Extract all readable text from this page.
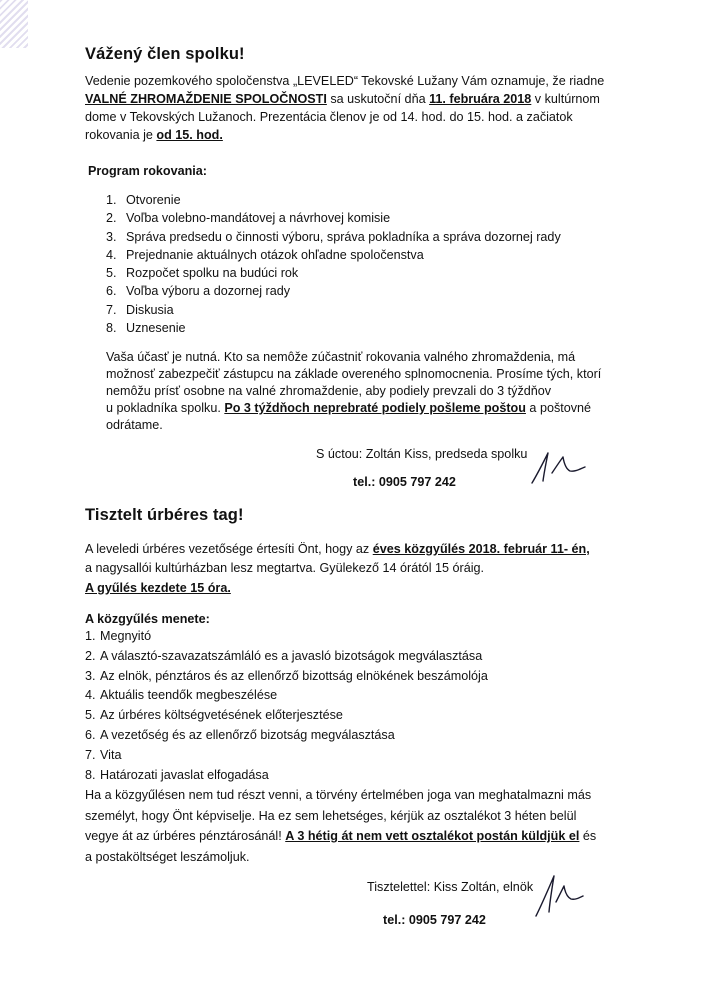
Vážený člen spolku!
Vedenie pozemkového spoločenstva „LEVELED“ Tekovské Lužany Vám oznamuje, že riadne
VALNÉ ZHROMAŽDENIE SPOLOČNOSTI sa uskutoční dňa 11. februára 2018 v kultúrnom
dome v Tekovských Lužanoch. Prezentácia členov je od 14. hod. do 15. hod. a začiatok
rokovania je od 15. hod.
Program rokovania:
1. Otvorenie
2. Voľba volebno-mandátovej a návrhovej komisie
3. Správa predsedu o činnosti výboru, správa pokladníka a správa dozornej rady
4. Prejednanie aktuálnych otázok ohľadne spoločenstva
5. Rozpočet spolku na budúci rok
6. Voľba výboru a dozornej rady
7. Diskusia
8. Uznesenie
Vaša účasť je nutná. Kto sa nemôže zúčastniť rokovania valného zhromaždenia, má
možnosť zabezpečiť zástupcu na základe overeného splnomocnenia. Prosíme tých, ktorí
nemôžu prísť osobne na valné zhromaždenie, aby podiely prevzali do 3 týždňov
u pokladníka spolku. Po 3 týždňoch neprebraté podiely pošleme poštou a poštovné
odrátame.
S úctou: Zoltán Kiss, predseda spolku
tel.: 0905 797 242
Tisztelt úrbéres tag!
A leveledi úrbéres vezetősége értesíti Önt, hogy az éves közgyűlés 2018. február 11- én,
a nagysallói kultúrházban lesz megtartva. Gyülekező 14 órától 15 óráig.
A gyűlés kezdete 15 óra.
A közgyűlés menete:
1. Megnyitó
2. A választó-szavazatszámláló es a javasló bizotságok megválasztása
3. Az elnök, pénztáros és az ellenőrző bizottság elnökének beszámolója
4. Aktuális teendők megbeszélése
5. Az úrbéres költségvetésének előterjesztése
6. A vezetőség és az ellenőrző bizotság megválasztása
7. Vita
8. Határozati javaslat elfogadása
Ha a közgyűlésen nem tud részt venni, a törvény értelmében joga van meghatalmazni más
személyt, hogy Önt képviselje. Ha ez sem lehetséges, kérjük az osztalékot 3 héten belül
vegye át az úrbéres pénztárosánál! A 3 hétig át nem vett osztalékot postán küldjük el és
a postaköltséget leszámoljuk.
Tisztelettel: Kiss Zoltán, elnök
tel.: 0905 797 242
